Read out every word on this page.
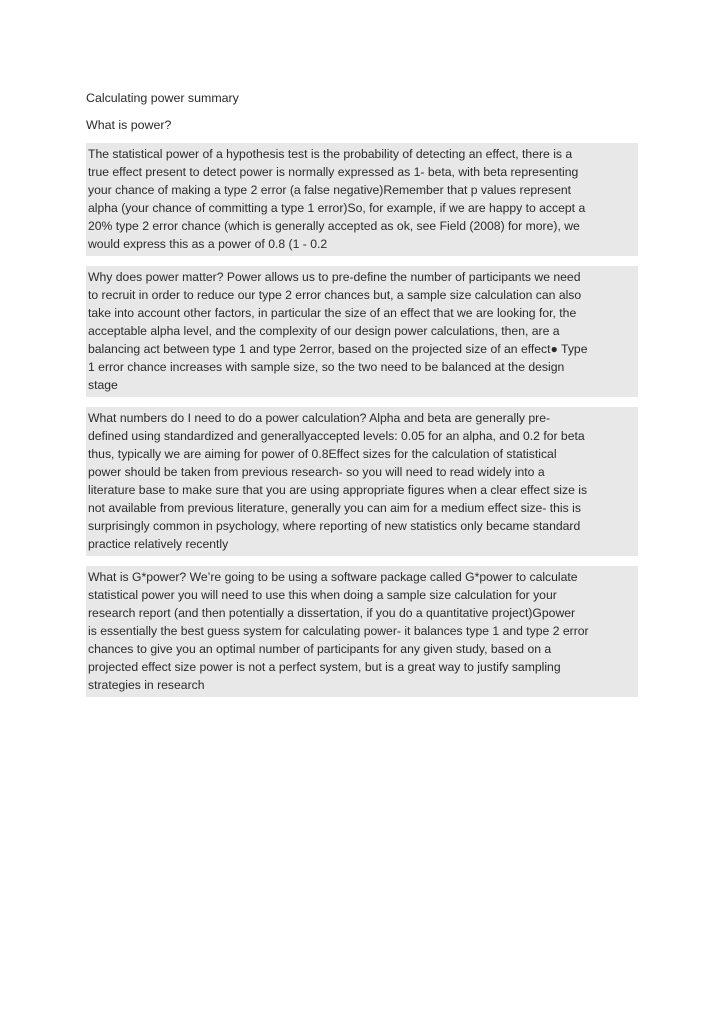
Calculating power summary

What is power?

The statistical power of a hypothesis test is the probability of detecting an effect, there is a
true effect present to detect power is normally expressed as 1- beta, with beta representing
your chance of making a type 2 error (a false negative)Remember that p values represent
alpha (your chance of committing a type 1 error)So, for example, if we are happy to accept a
20% type 2 error chance (which is generally accepted as ok, see Field (2008) for more), we
would express this as a power of 0.8 (1 - 0.2

Why does power matter? Power allows us to pre-define the number of participants we need
to recruit in order to reduce our type 2 error chances but, a sample size calculation can also
take into account other factors, in particular the size of an effect that we are looking for, the
acceptable alpha level, and the complexity of our design power calculations, then, are a
balancing act between type 1 and type 2error, based on the projected size of an effect● Type
1 error chance increases with sample size, so the two need to be balanced at the design
stage

What numbers do I need to do a power calculation? Alpha and beta are generally pre-
defined using standardized and generallyaccepted levels: 0.05 for an alpha, and 0.2 for beta
thus, typically we are aiming for power of 0.8Effect sizes for the calculation of statistical
power should be taken from previous research- so you will need to read widely into a
literature base to make sure that you are using appropriate figures when a clear effect size is
not available from previous literature, generally you can aim for a medium effect size- this is
surprisingly common in psychology, where reporting of new statistics only became standard
practice relatively recently

What is G*power? We’re going to be using a software package called G*power to calculate
statistical power you will need to use this when doing a sample size calculation for your
research report (and then potentially a dissertation, if you do a quantitative project)Gpower
is essentially the best guess system for calculating power- it balances type 1 and type 2 error
chances to give you an optimal number of participants for any given study, based on a
projected effect size power is not a perfect system, but is a great way to justify sampling
strategies in research
